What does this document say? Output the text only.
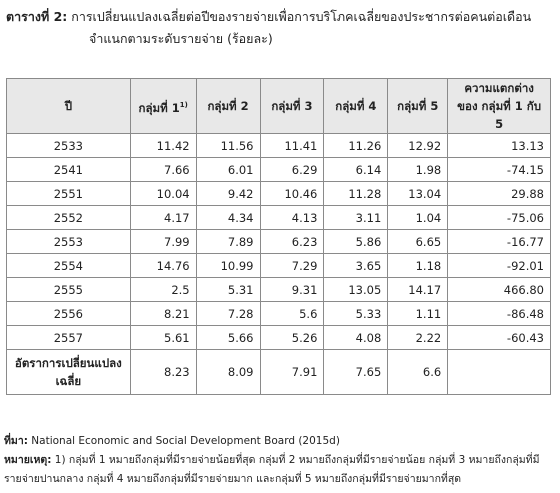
ตารางที่ 2: การเปลี่ยนแปลงเฉลี่ยต่อปีของรายจ่ายเพื่อการบริโภคเฉลี่ยของประชากรต่อคนต่อเดือน
จำแนกตามระดับรายจ่าย (ร้อยละ)
ปี	กลุ่มที่ 1$^{1)}$	กลุ่มที่ 2	กลุ่มที่ 3	กลุ่มที่ 4	กลุ่มที่ 5	ความแตกต่างของ กลุ่มที่ 1 กับ 5
2533	11.42	11.56	11.41	11.26	12.92	13.13
2541	7.66	6.01	6.29	6.14	1.98	-74.15
2551	10.04	9.42	10.46	11.28	13.04	29.88
2552	4.17	4.34	4.13	3.11	1.04	-75.06
2553	7.99	7.89	6.23	5.86	6.65	-16.77
2554	14.76	10.99	7.29	3.65	1.18	-92.01
2555	2.5	5.31	9.31	13.05	14.17	466.80
2556	8.21	7.28	5.6	5.33	1.11	-86.48
2557	5.61	5.66	5.26	4.08	2.22	-60.43
อัตราการเปลี่ยนแปลง เฉลี่ย	8.23	8.09	7.91	7.65	6.6	
ที่มา: National Economic and Social Development Board (2015d)
หมายเหตุ: 1) กลุ่มที่ 1 หมายถึงกลุ่มที่มีรายจ่ายน้อยที่สุด กลุ่มที่ 2 หมายถึงกลุ่มที่มีรายจ่ายน้อย กลุ่มที่ 3 หมายถึงกลุ่มที่มีรายจ่ายปานกลาง กลุ่มที่ 4 หมายถึงกลุ่มที่มีรายจ่ายมาก และกลุ่มที่ 5 หมายถึงกลุ่มที่มีรายจ่ายมากที่สุด
